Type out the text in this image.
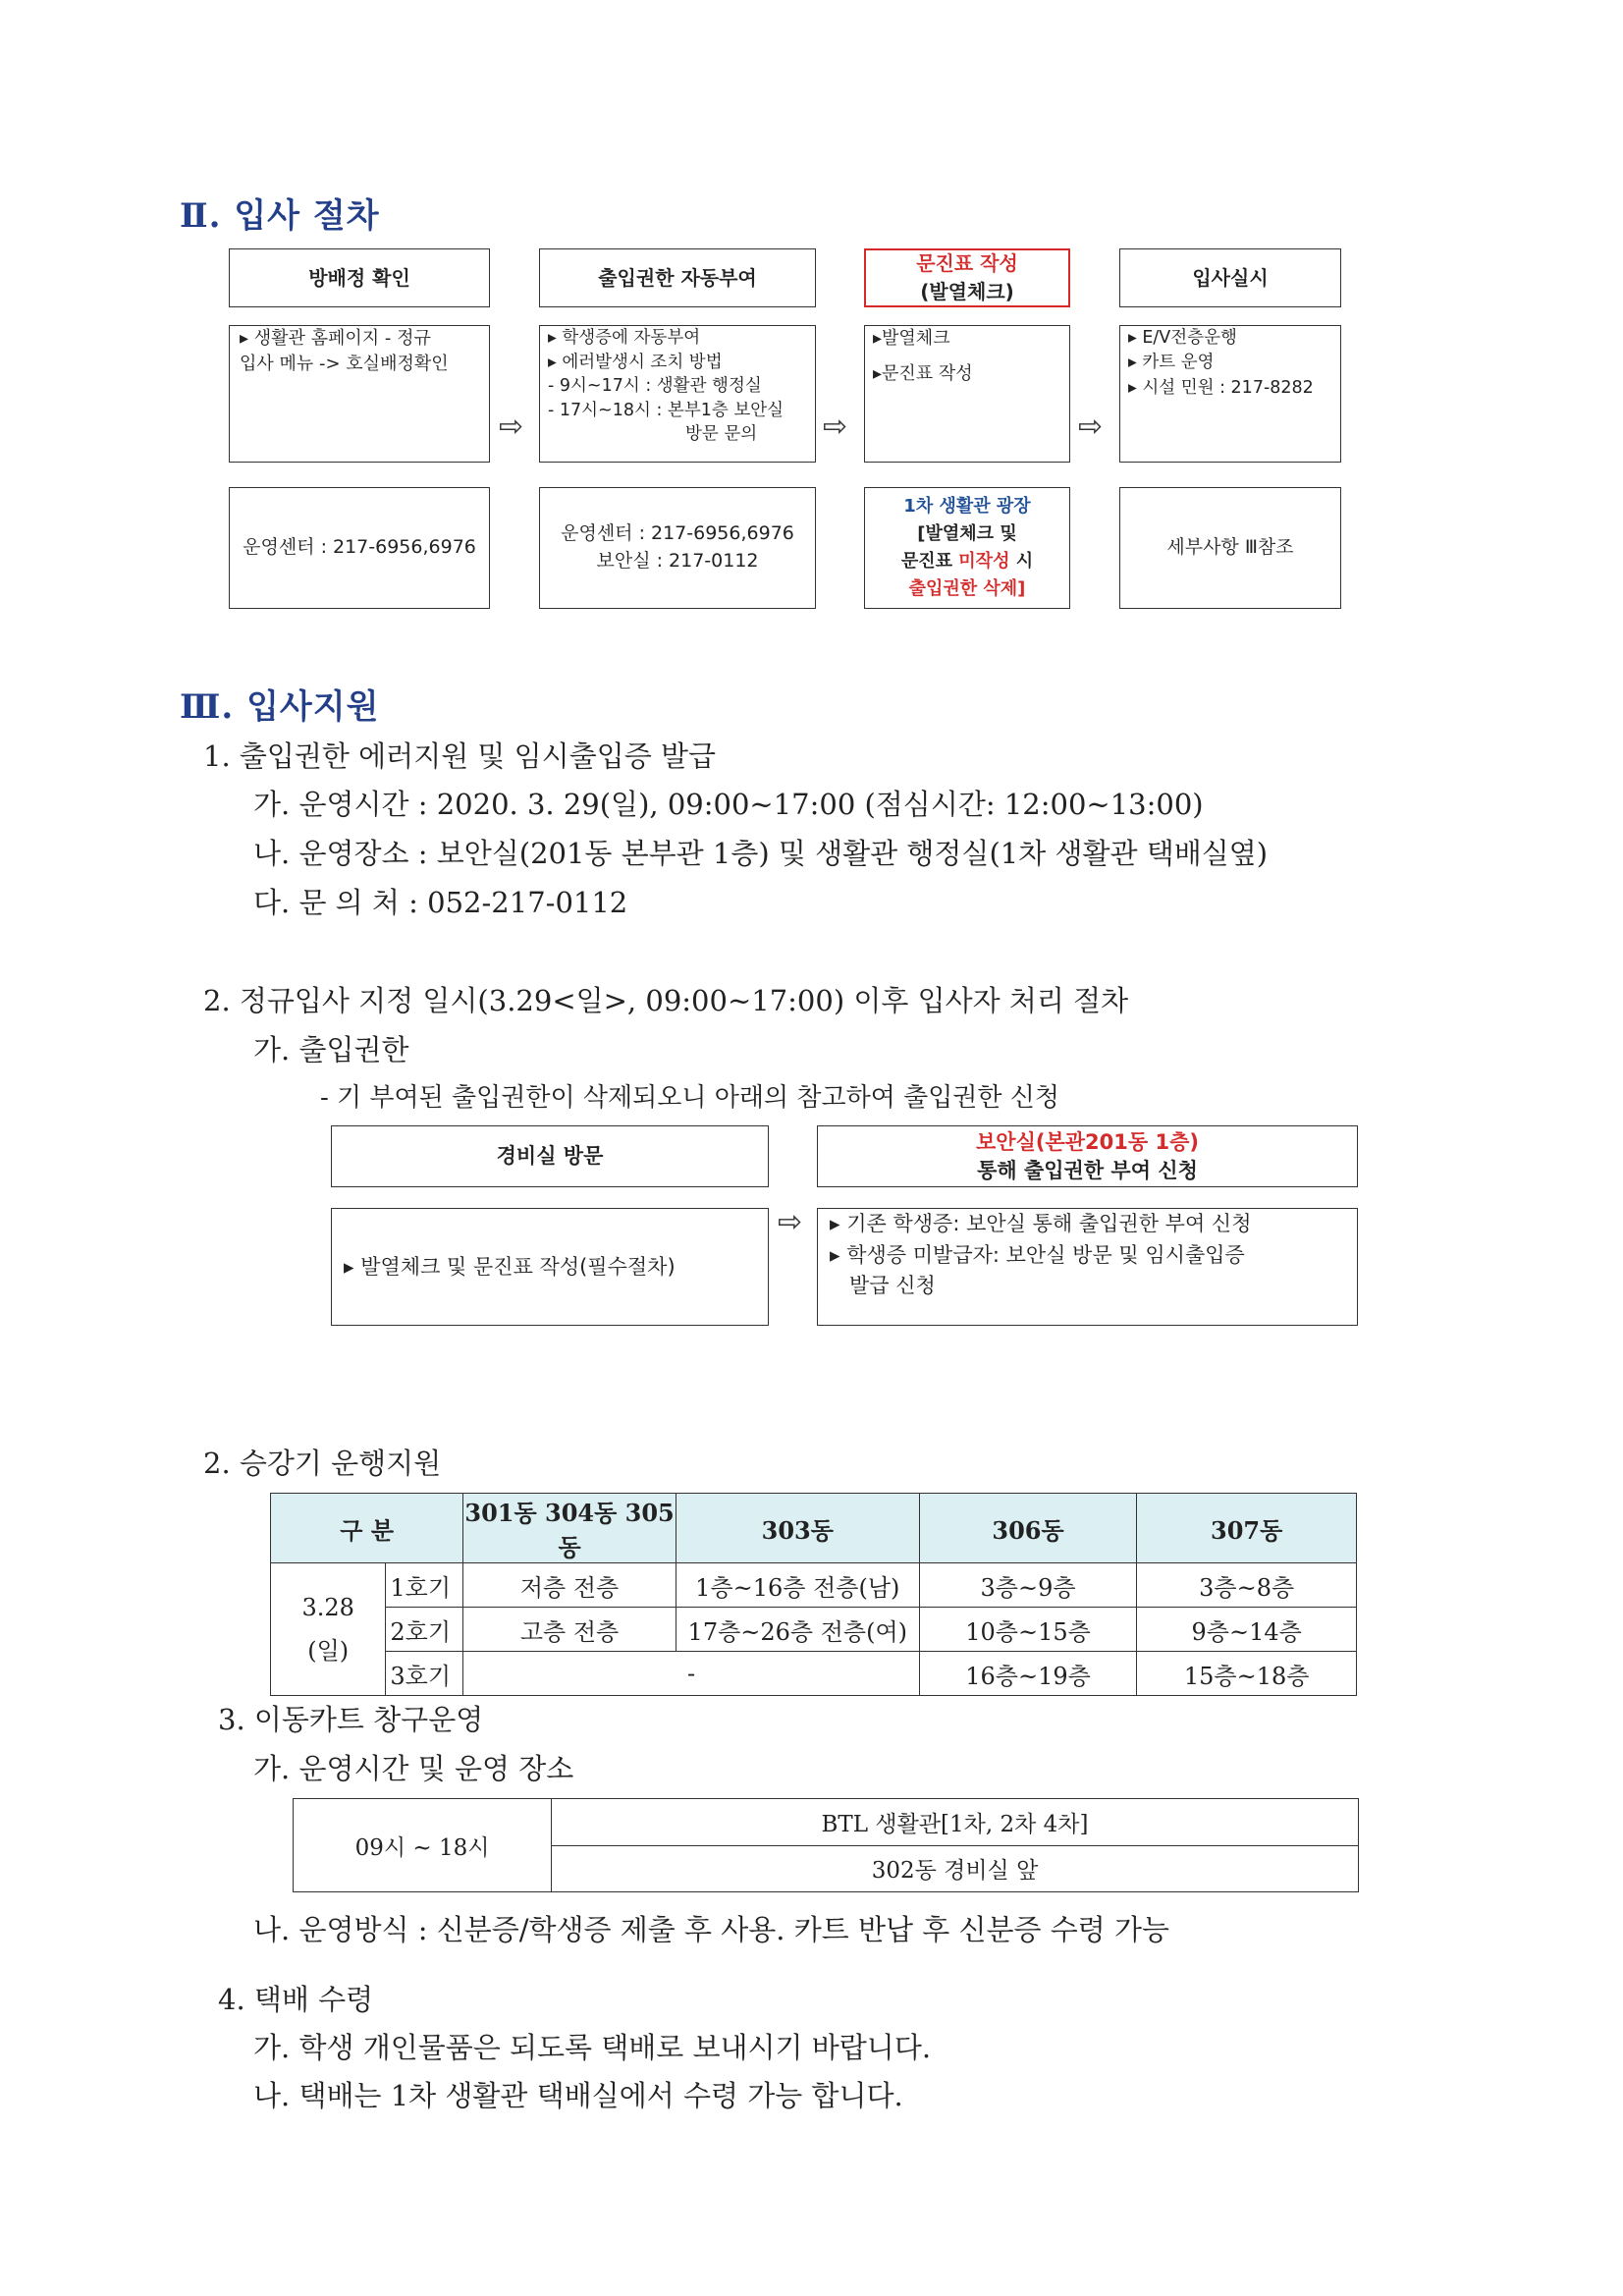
Ⅱ. 입사 절차
방배정 확인	출입권한 자동부여
문진표 작성
(발열체크)
입사실시
▸ 생활관 홈페이지 - 정규
입사 메뉴 -> 호실배정확인
▸ 학생증에 자동부여
▸ 에러발생시 조치 방법
- 9시~17시 : 생활관 행정실
- 17시~18시 : 본부1층 보안실
방문 문의
▸발열체크
▸문진표 작성
▸ E/V전층운행
▸ 카트 운영
▸ 시설 민원 : 217-8282
⇨	⇨	⇨
운영센터 : 217-6956,6976
운영센터 : 217-6956,6976
보안실 : 217-0112
1차 생활관 광장
[발열체크 및
문진표 미작성 시
출입권한 삭제]
세부사항 Ⅲ참조
Ⅲ. 입사지원
1. 출입권한 에러지원 및 임시출입증 발급
가. 운영시간 : 2020. 3. 29(일), 09:00~17:00 (점심시간: 12:00~13:00)
나. 운영장소 : 보안실(201동 본부관 1층) 및 생활관 행정실(1차 생활관 택배실옆)
다. 문 의 처 : 052-217-0112
2. 정규입사 지정 일시(3.29<일>, 09:00~17:00) 이후 입사자 처리 절차
가. 출입권한
- 기 부여된 출입권한이 삭제되오니 아래의 참고하여 출입권한 신청
경비실 방문
보안실(본관201동 1층)
통해 출입권한 부여 신청
▸ 발열체크 및 문진표 작성(필수절차)
⇨ ▸ 기존 학생증: 보안실 통해 출입권한 부여 신청
▸ 학생증 미발급자: 보안실 방문 및 임시출입증
발급 신청
2. 승강기 운행지원
구 분		301동 304동 305동	303동	306동	307동

3.28
(일)	1호기	저층 전층	1층~16층 전층(남)	3층~9층	3층~8층
	2호기	고층 전층	17층~26층 전층(여)	10층~15층	9층~14층
	3호기	-		16층~19층	15층~18층
3. 이동카트 창구운영
가. 운영시간 및 운영 장소
09시 ~ 18시	BTL 생활관[1차, 2차 4차]
302동 경비실 앞
나. 운영방식 : 신분증/학생증 제출 후 사용. 카트 반납 후 신분증 수령 가능
4. 택배 수령
가. 학생 개인물품은 되도록 택배로 보내시기 바랍니다.
나. 택배는 1차 생활관 택배실에서 수령 가능 합니다.
